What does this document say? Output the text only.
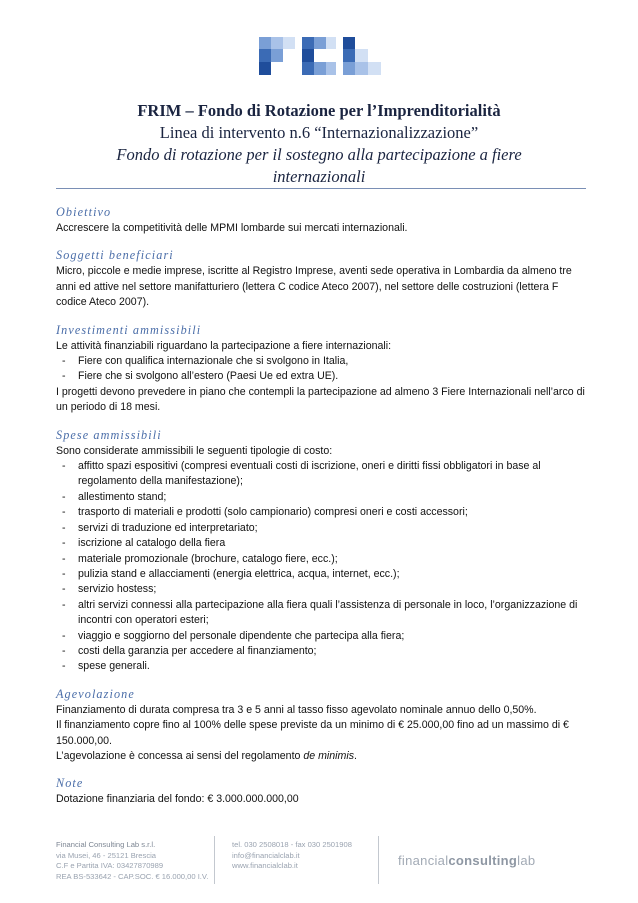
FRIM – Fondo di Rotazione per l’Imprenditorialità
Linea di intervento n.6 “Internazionalizzazione”
Fondo di rotazione per il sostegno alla partecipazione a fiere
internazionali
Obiettivo

Accrescere la competitività delle MPMI lombarde sui mercati internazionali.

Soggetti beneficiari

Micro, piccole e medie imprese, iscritte al Registro Imprese, aventi sede operativa in Lombardia da almeno tre anni ed attive nel settore manifatturiero (lettera C codice Ateco 2007), nel settore delle costruzioni (lettera F codice Ateco 2007).

Investimenti ammissibili

Le attività finanziabili riguardano la partecipazione a fiere internazionali:

- Fiere con qualifica internazionale che si svolgono in Italia,
- Fiere che si svolgono all’estero (Paesi Ue ed extra UE).

I progetti devono prevedere in piano che contempli la partecipazione ad almeno 3 Fiere Internazionali nell’arco di un periodo di 18 mesi.

Spese ammissibili

Sono considerate ammissibili le seguenti tipologie di costo:

- affitto spazi espositivi (compresi eventuali costi di iscrizione, oneri e diritti fissi obbligatori in base al regolamento della manifestazione);
- allestimento stand;
- trasporto di materiali e prodotti (solo campionario) compresi oneri e costi accessori;
- servizi di traduzione ed interpretariato;
- iscrizione al catalogo della fiera
- materiale promozionale (brochure, catalogo fiere, ecc.);
- pulizia stand e allacciamenti (energia elettrica, acqua, internet, ecc.);
- servizio hostess;
- altri servizi connessi alla partecipazione alla fiera quali l’assistenza di personale in loco, l’organizzazione di incontri con operatori esteri;
- viaggio e soggiorno del personale dipendente che partecipa alla fiera;
- costi della garanzia per accedere al finanziamento;
- spese generali.
Agevolazione

Finanziamento di durata compresa tra 3 e 5 anni al tasso fisso agevolato nominale annuo dello 0,50%.

Il finanziamento copre fino al 100% delle spese previste da un minimo di € 25.000,00 fino ad un massimo di € 150.000,00.

L’agevolazione è concessa ai sensi del regolamento de minimis.

Note

Dotazione finanziaria del fondo: € 3.000.000.000,00

Financial Consulting Lab s.r.l.
via Musei, 46 - 25121 Brescia
C.F e Partita IVA: 03427870989
REA BS-533642 - CAP.SOC. € 16.000,00 I.V.
tel. 030 2508018 - fax 030 2501908
info@financialclab.it
www.financialclab.it	financialconsultinglab
